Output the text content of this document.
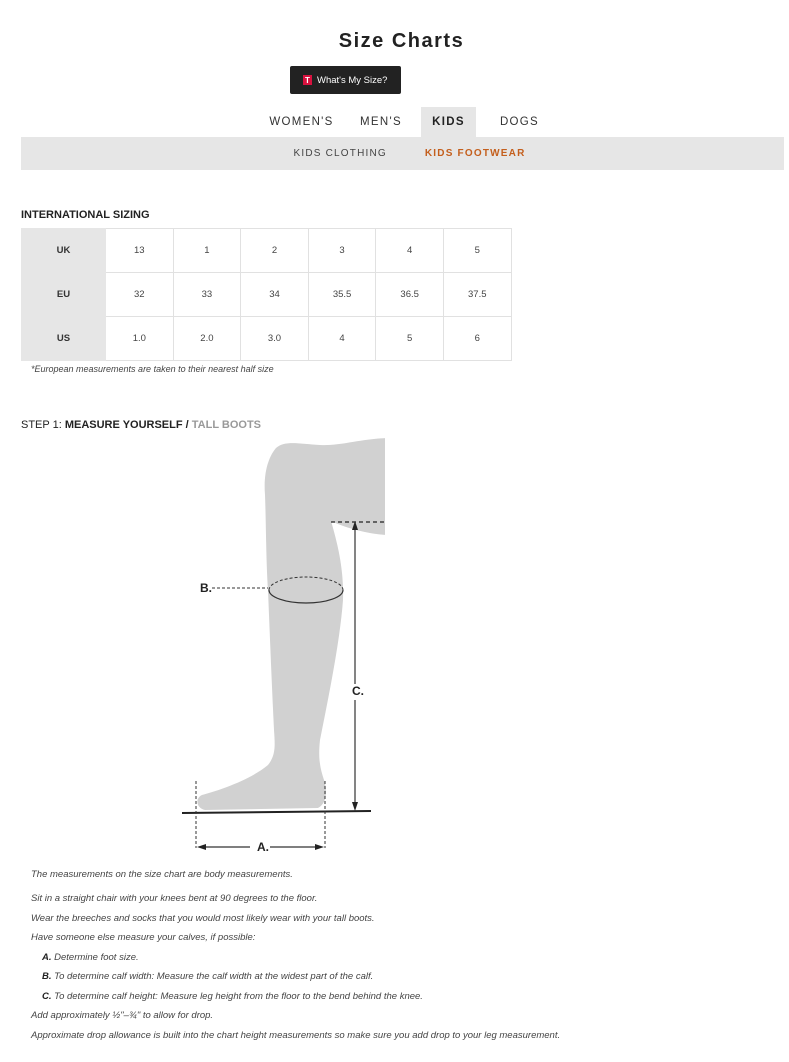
Size Charts
T What's My Size?
WOMEN'S	MEN'S	KIDS	DOGS
KIDS CLOTHING	KIDS FOOTWEAR
INTERNATIONAL SIZING
UK	13	1	2	3	4	5
EU	32	33	34	35.5	36.5	37.5
US	1.0	2.0	3.0	4	5	6

*European measurements are taken to their nearest half size

STEP 1: MEASURE YOURSELF / TALL BOOTS
A.
B.
C.

The measurements on the size chart are body measurements.

Sit in a straight chair with your knees bent at 90 degrees to the floor.

Wear the breeches and socks that you would most likely wear with your tall boots.

Have someone else measure your calves, if possible:

A. Determine foot size.

B. To determine calf width: Measure the calf width at the widest part of the calf.

C. To determine calf height: Measure leg height from the floor to the bend behind the knee.

Add approximately ½"–¾" to allow for drop.

Approximate drop allowance is built into the chart height measurements so make sure you add drop to your leg measurement.
